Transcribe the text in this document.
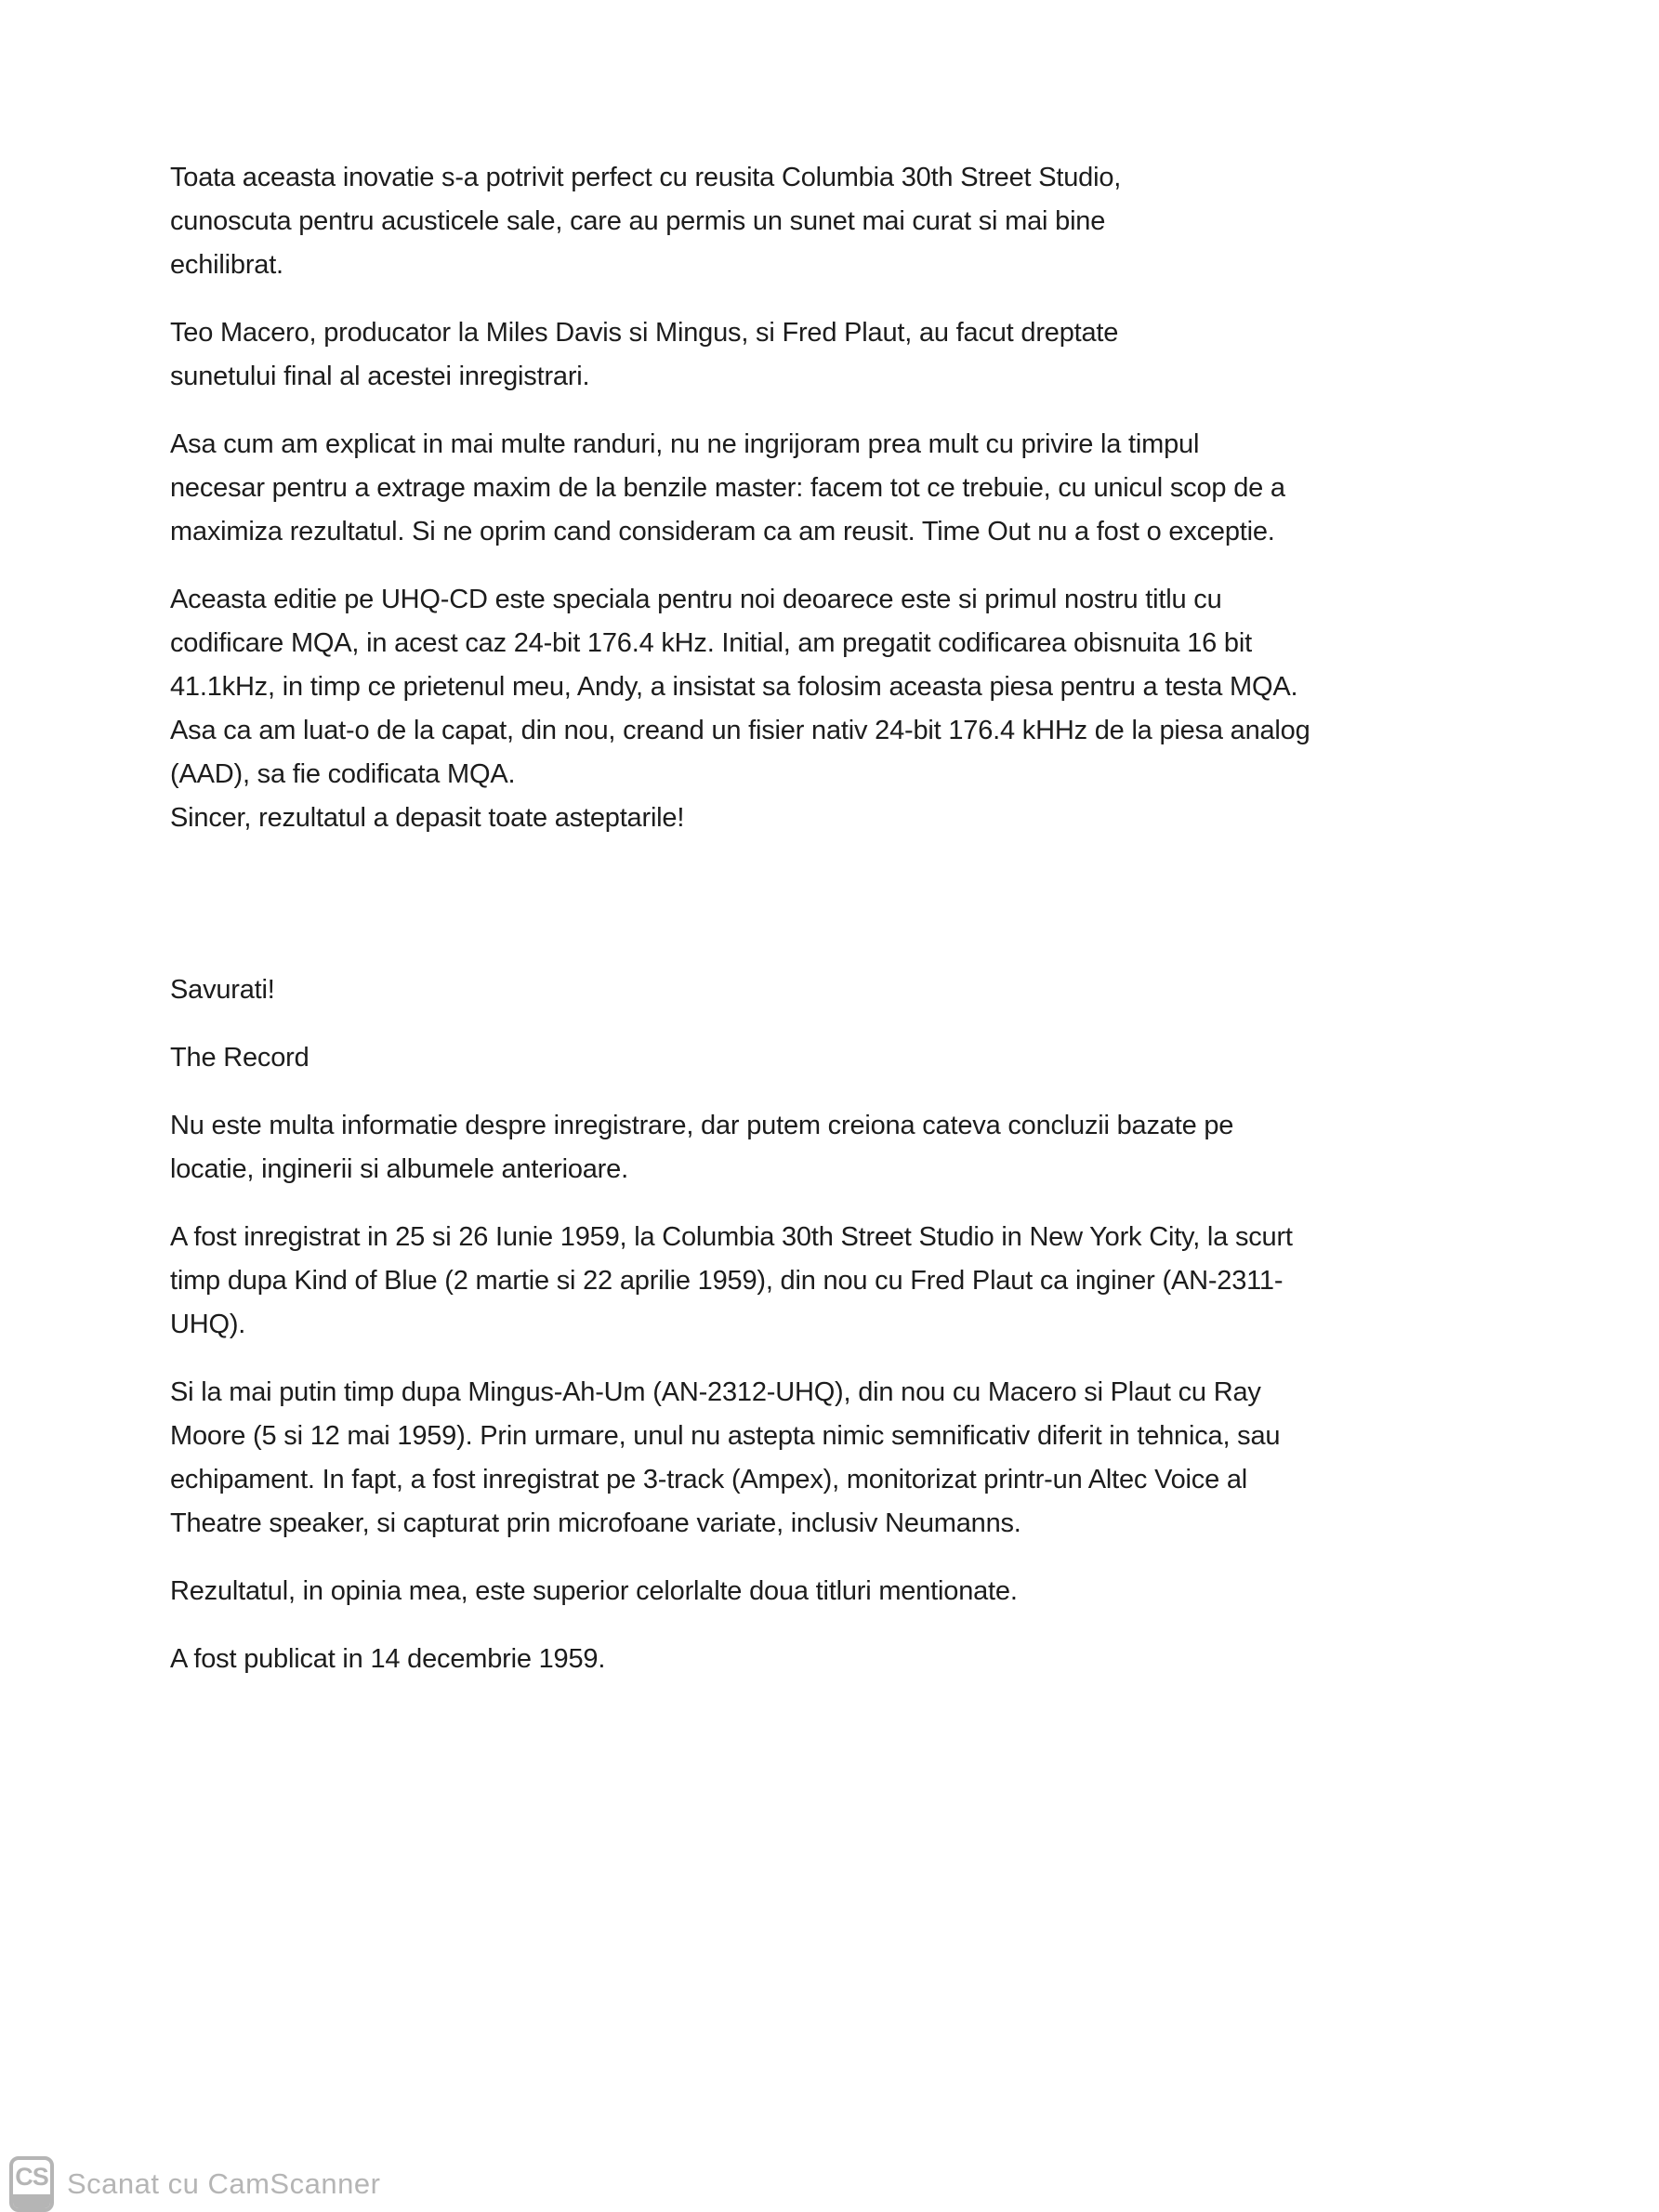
Toata aceasta inovatie s-a potrivit perfect cu reusita Columbia 30th Street Studio,
cunoscuta pentru acusticele sale, care au permis un sunet mai curat si mai bine
echilibrat.

Teo Macero, producator la Miles Davis si Mingus, si Fred Plaut, au facut dreptate
sunetului final al acestei inregistrari.

Asa cum am explicat in mai multe randuri, nu ne ingrijoram prea mult cu privire la timpul
necesar pentru a extrage maxim de la benzile master: facem tot ce trebuie, cu unicul scop de a
maximiza rezultatul. Si ne oprim cand consideram ca am reusit. Time Out nu a fost o exceptie.

Aceasta editie pe UHQ-CD este speciala pentru noi deoarece este si primul nostru titlu cu
codificare MQA, in acest caz 24-bit 176.4 kHz. Initial, am pregatit codificarea obisnuita 16 bit
41.1kHz, in timp ce prietenul meu, Andy, a insistat sa folosim aceasta piesa pentru a testa MQA.
Asa ca am luat-o de la capat, din nou, creand un fisier nativ 24-bit 176.4 kHHz de la piesa analog
(AAD), sa fie codificata MQA.
Sincer, rezultatul a depasit toate asteptarile!

Savurati!

The Record

Nu este multa informatie despre inregistrare, dar putem creiona cateva concluzii bazate pe
locatie, inginerii si albumele anterioare.

A fost inregistrat in 25 si 26 Iunie 1959, la Columbia 30th Street Studio in New York City, la scurt
timp dupa Kind of Blue (2 martie si 22 aprilie 1959), din nou cu Fred Plaut ca inginer (AN-2311-
UHQ).

Si la mai putin timp dupa Mingus-Ah-Um (AN-2312-UHQ), din nou cu Macero si Plaut cu Ray
Moore (5 si 12 mai 1959). Prin urmare, unul nu astepta nimic semnificativ diferit in tehnica, sau
echipament. In fapt, a fost inregistrat pe 3-track (Ampex), monitorizat printr-un Altec Voice al
Theatre speaker, si capturat prin microfoane variate, inclusiv Neumanns.

Rezultatul, in opinia mea, este superior celorlalte doua titluri mentionate.

A fost publicat in 14 decembrie 1959.

CS Scanat cu CamScanner
